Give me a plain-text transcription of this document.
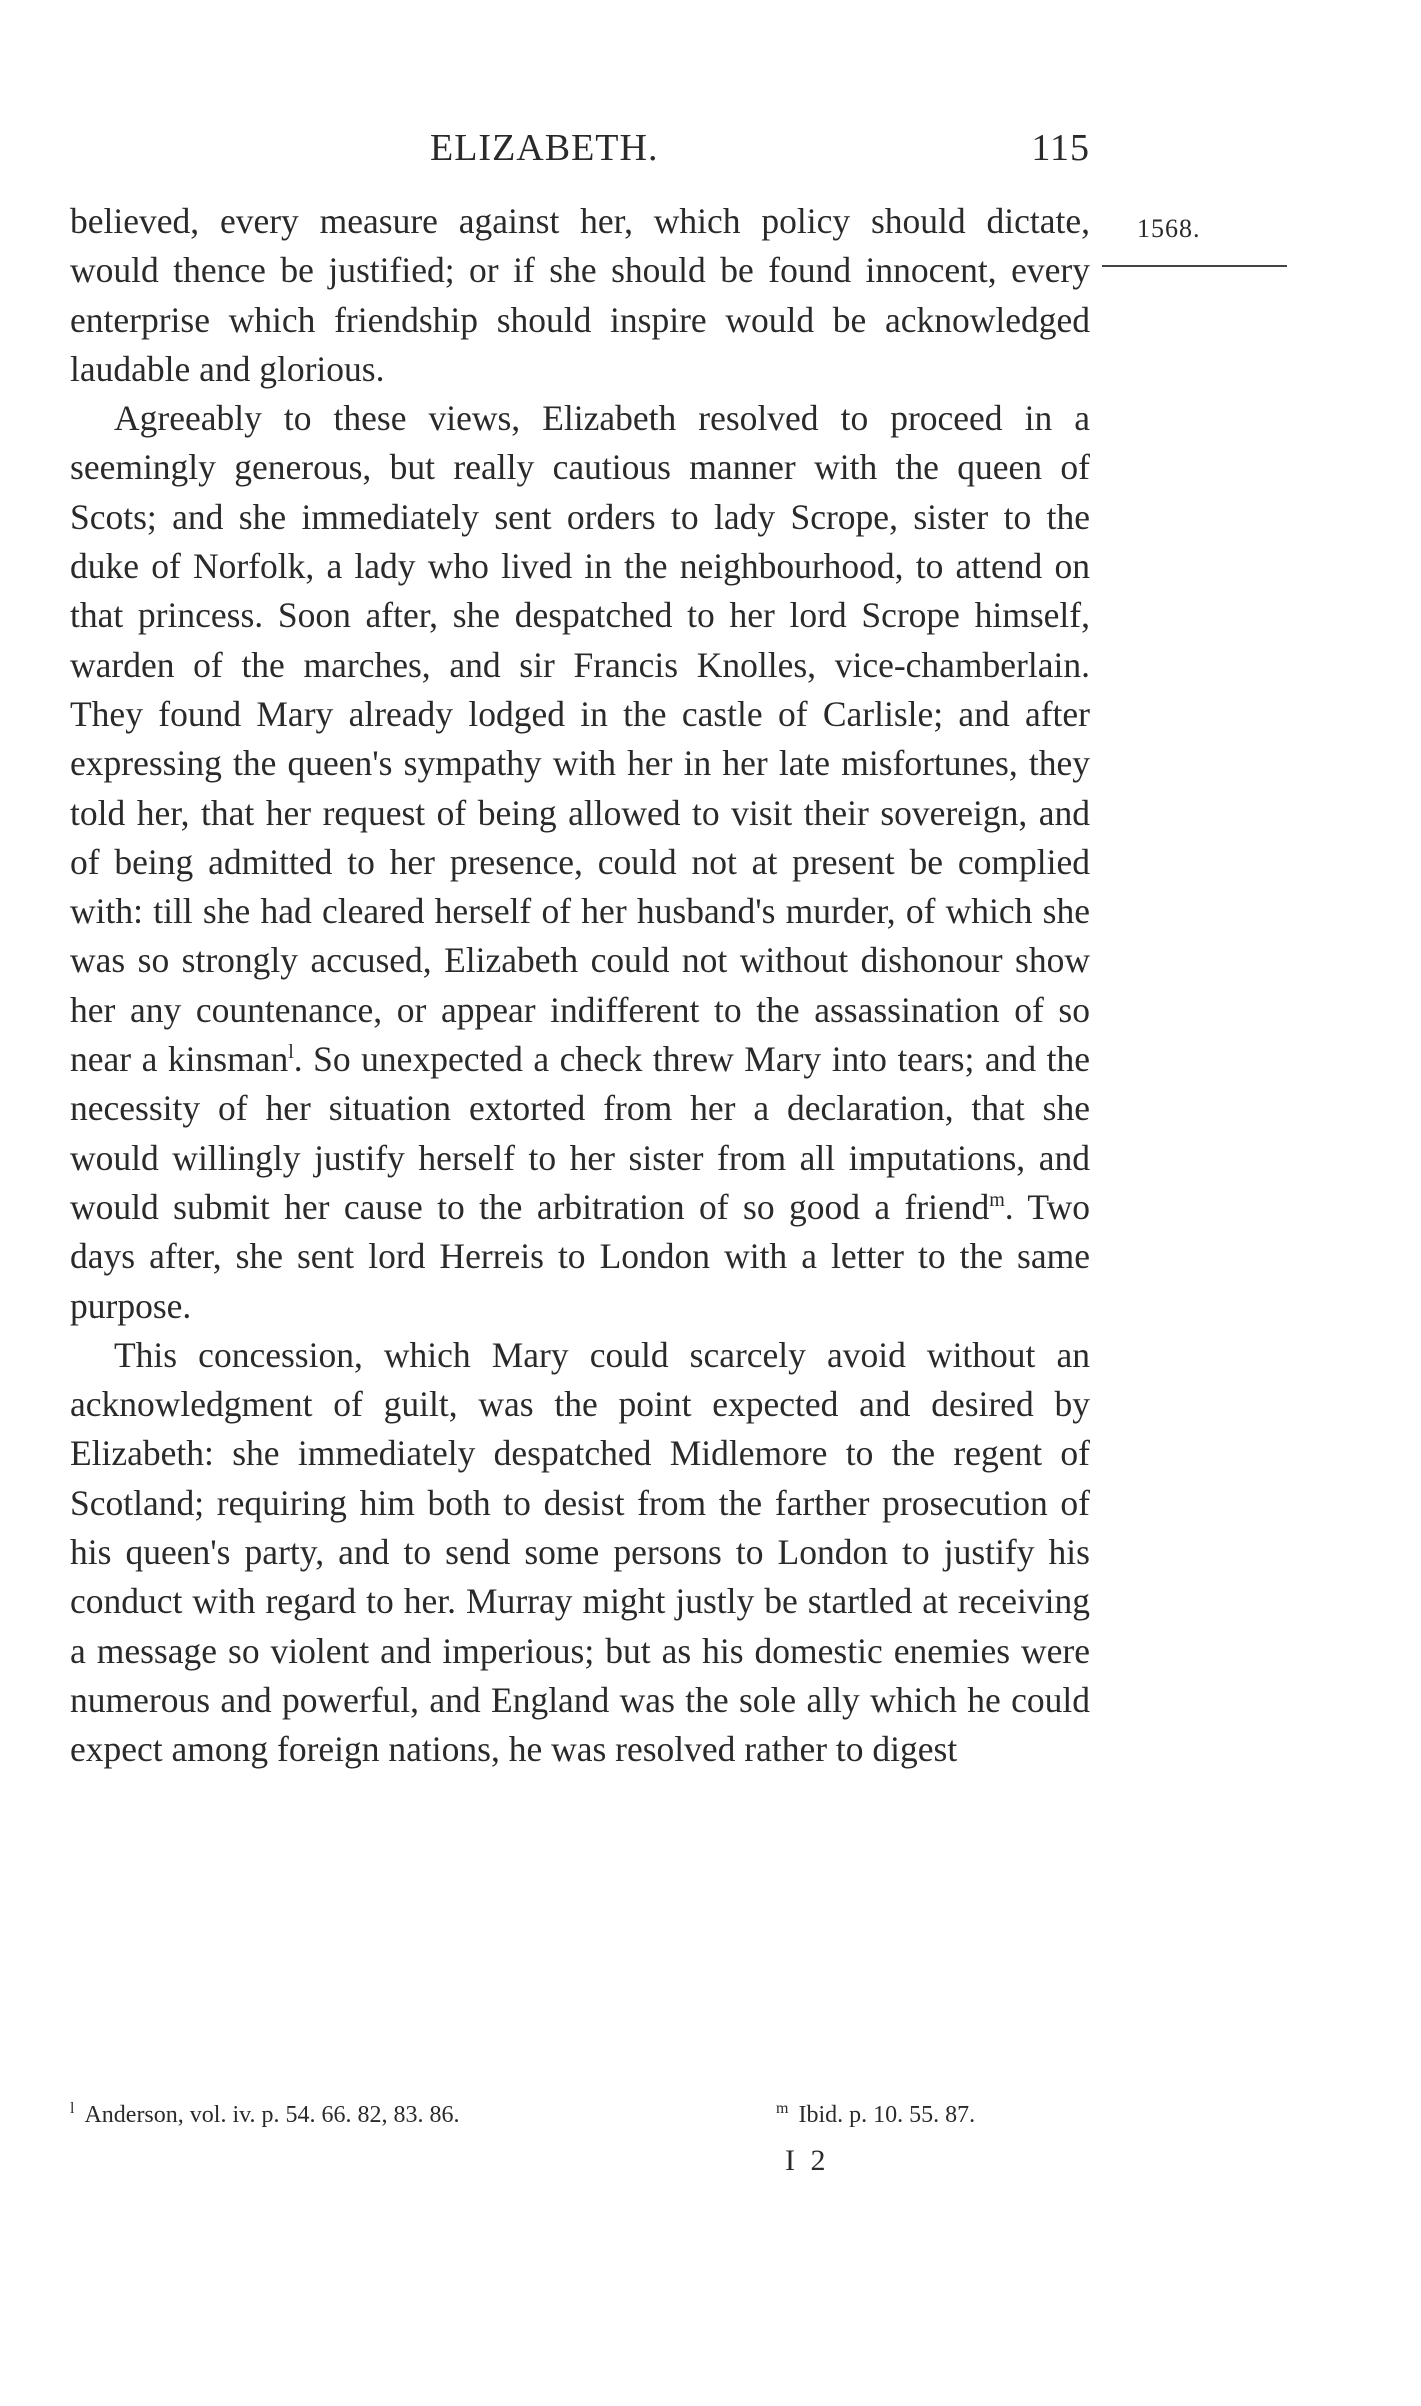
ELIZABETH.	115
1568.

believed, every measure against her, which policy should dictate, would thence be justified; or if she should be found innocent, every enterprise which friendship should inspire would be acknowledged laudable and glorious.

Agreeably to these views, Elizabeth resolved to proceed in a seemingly generous, but really cautious manner with the queen of Scots; and she immediately sent orders to lady Scrope, sister to the duke of Norfolk, a lady who lived in the neighbourhood, to attend on that princess. Soon after, she despatched to her lord Scrope himself, warden of the marches, and sir Francis Knolles, vice-chamberlain. They found Mary already lodged in the castle of Carlisle; and after expressing the queen's sympathy with her in her late misfortunes, they told her, that her request of being allowed to visit their sovereign, and of being admitted to her presence, could not at present be complied with: till she had cleared herself of her husband's murder, of which she was so strongly accused, Elizabeth could not without dishonour show her any countenance, or appear indifferent to the assassination of so near a kinsman$^l$. So unexpected a check threw Mary into tears; and the necessity of her situation extorted from her a declaration, that she would willingly justify herself to her sister from all imputations, and would submit her cause to the arbitration of so good a friend$^m$. Two days after, she sent lord Herreis to London with a letter to the same purpose.

This concession, which Mary could scarcely avoid without an acknowledgment of guilt, was the point expected and desired by Elizabeth: she immediately despatched Midlemore to the regent of Scotland; requiring him both to desist from the farther prosecution of his queen's party, and to send some persons to London to justify his conduct with regard to her. Murray might justly be startled at receiving a message so violent and imperious; but as his domestic enemies were numerous and powerful, and England was the sole ally which he could expect among foreign nations, he was resolved rather to digest

$^l$ Anderson, vol. iv. p. 54. 66. 82, 83. 86.	$^m$ Ibid. p. 10. 55. 87.
I 2
